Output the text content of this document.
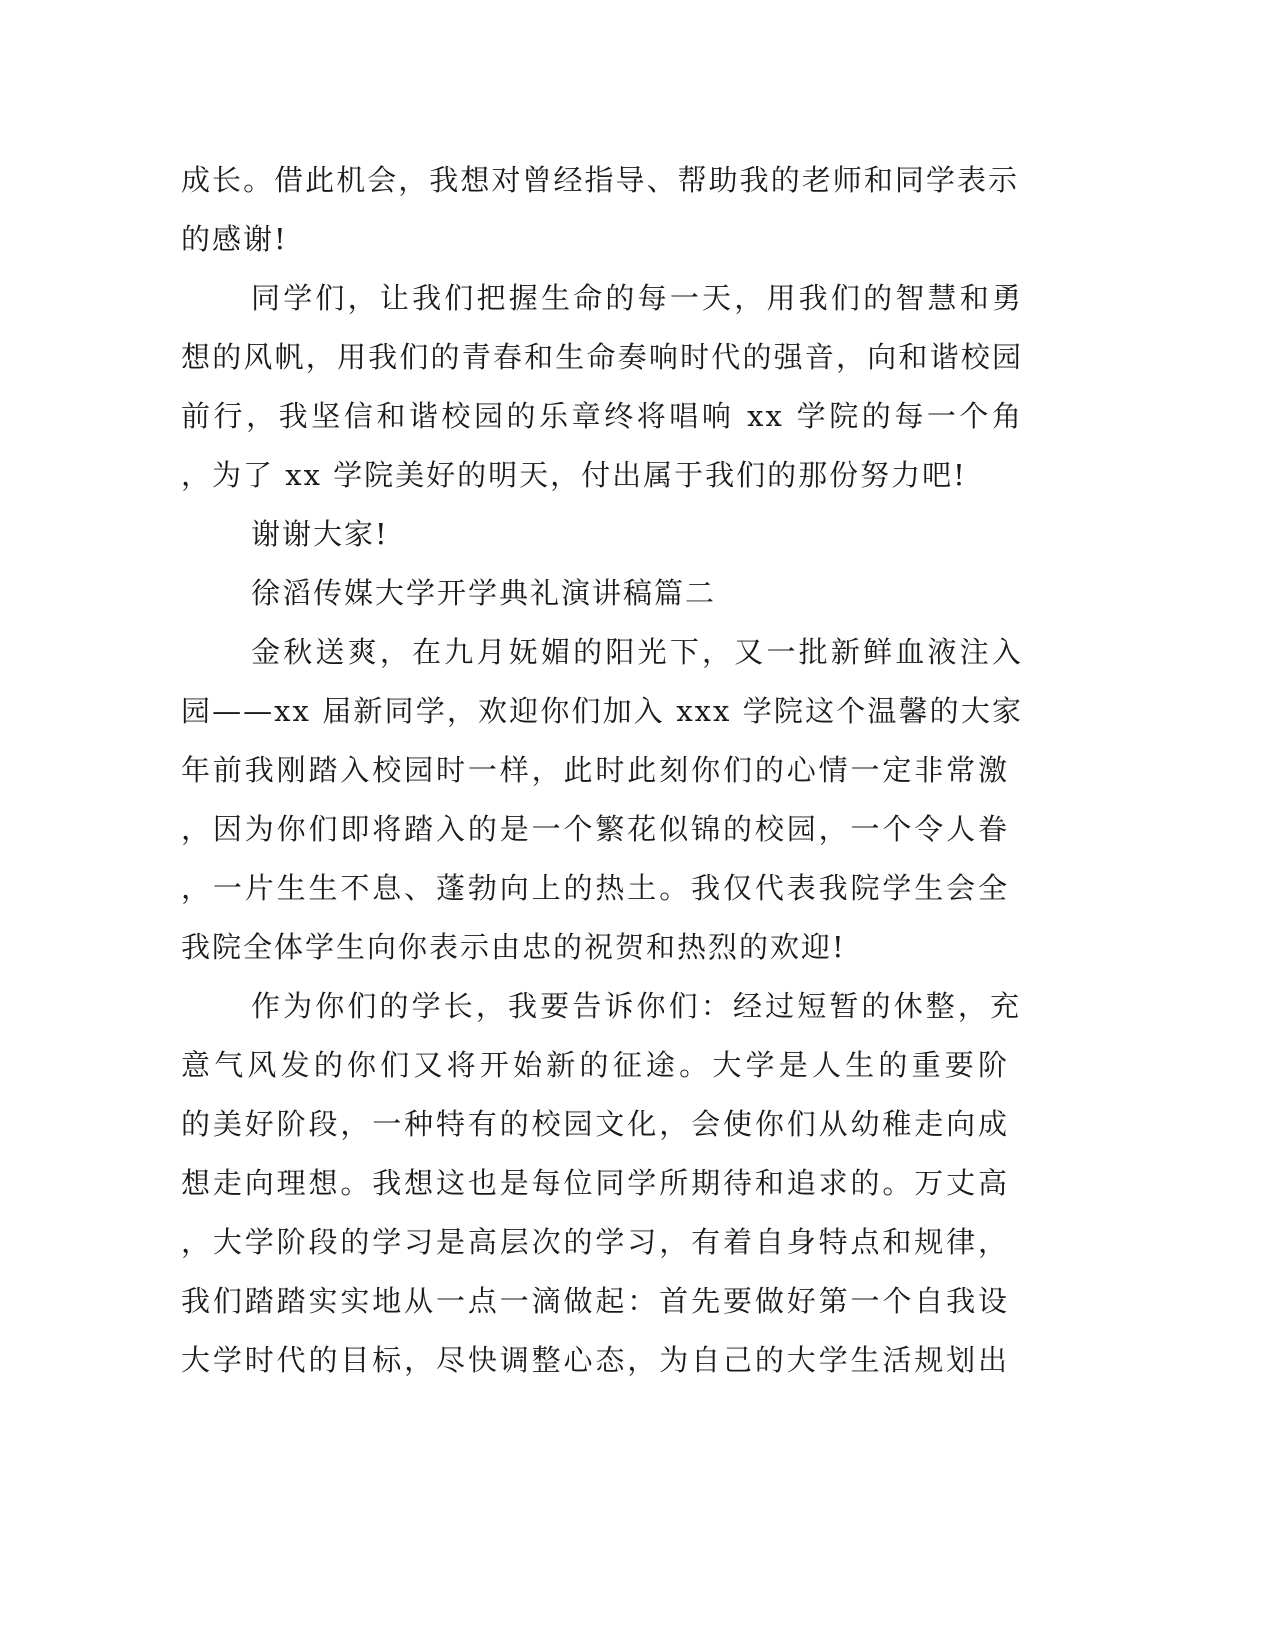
成长。借此机会，我想对曾经指导、帮助我的老师和同学表示
的感谢!
同学们，让我们把握生命的每一天，用我们的智慧和勇
想的风帆，用我们的青春和生命奏响时代的强音，向和谐校园
前行，我坚信和谐校园的乐章终将唱响 xx 学院的每一个角
，为了 xx 学院美好的明天，付出属于我们的那份努力吧!
谢谢大家!
徐滔传媒大学开学典礼演讲稿篇二
金秋送爽，在九月妩媚的阳光下，又一批新鲜血液注入
园——xx 届新同学，欢迎你们加入 xxx 学院这个温馨的大家
年前我刚踏入校园时一样，此时此刻你们的心情一定非常激
，因为你们即将踏入的是一个繁花似锦的校园，一个令人眷
，一片生生不息、蓬勃向上的热土。我仅代表我院学生会全
我院全体学生向你表示由忠的祝贺和热烈的欢迎!
作为你们的学长，我要告诉你们：经过短暂的休整，充
意气风发的你们又将开始新的征途。大学是人生的重要阶
的美好阶段，一种特有的校园文化，会使你们从幼稚走向成
想走向理想。我想这也是每位同学所期待和追求的。万丈高
，大学阶段的学习是高层次的学习，有着自身特点和规律，
我们踏踏实实地从一点一滴做起：首先要做好第一个自我设
大学时代的目标，尽快调整心态，为自己的大学生活规划出
